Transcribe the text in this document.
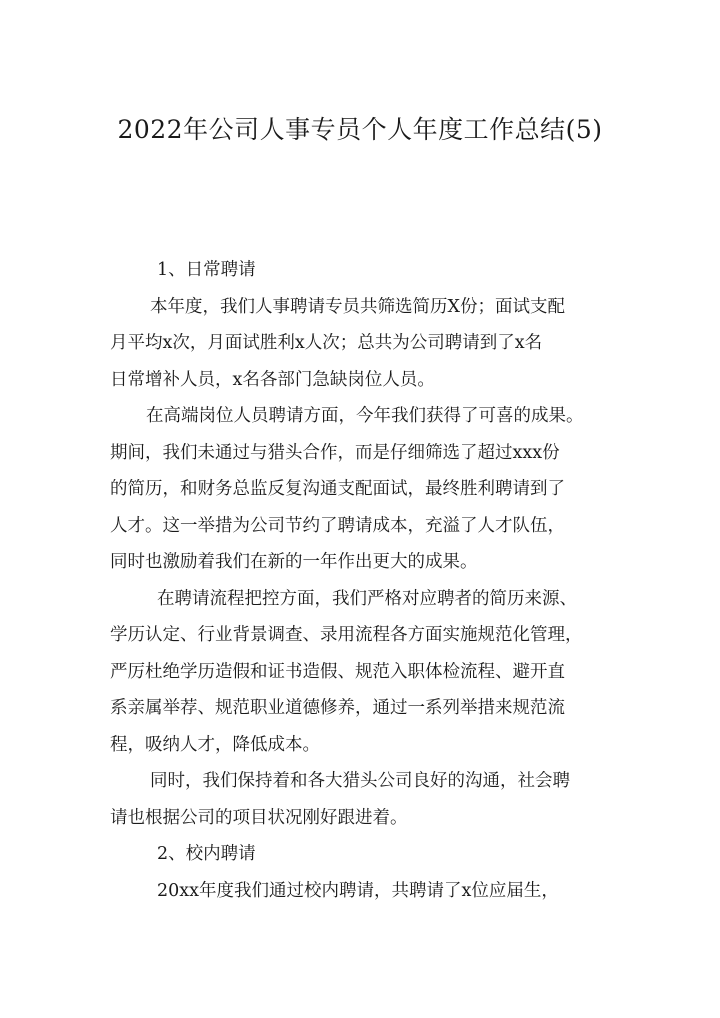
2022年公司人事专员个人年度工作总结(5)
1、日常聘请
本年度，我们人事聘请专员共筛选简历X份；面试支配
月平均x次，月面试胜利x人次；总共为公司聘请到了x名
日常增补人员，x名各部门急缺岗位人员。
在高端岗位人员聘请方面，今年我们获得了可喜的成果。
期间，我们未通过与猎头合作，而是仔细筛选了超过xxx份
的简历，和财务总监反复沟通支配面试，最终胜利聘请到了
人才。这一举措为公司节约了聘请成本，充溢了人才队伍，
同时也激励着我们在新的一年作出更大的成果。
在聘请流程把控方面，我们严格对应聘者的简历来源、
学历认定、行业背景调查、录用流程各方面实施规范化管理，
严厉杜绝学历造假和证书造假、规范入职体检流程、避开直
系亲属举荐、规范职业道德修养，通过一系列举措来规范流
程，吸纳人才，降低成本。
同时，我们保持着和各大猎头公司良好的沟通，社会聘
请也根据公司的项目状况刚好跟进着。
2、校内聘请
20xx年度我们通过校内聘请，共聘请了x位应届生，
